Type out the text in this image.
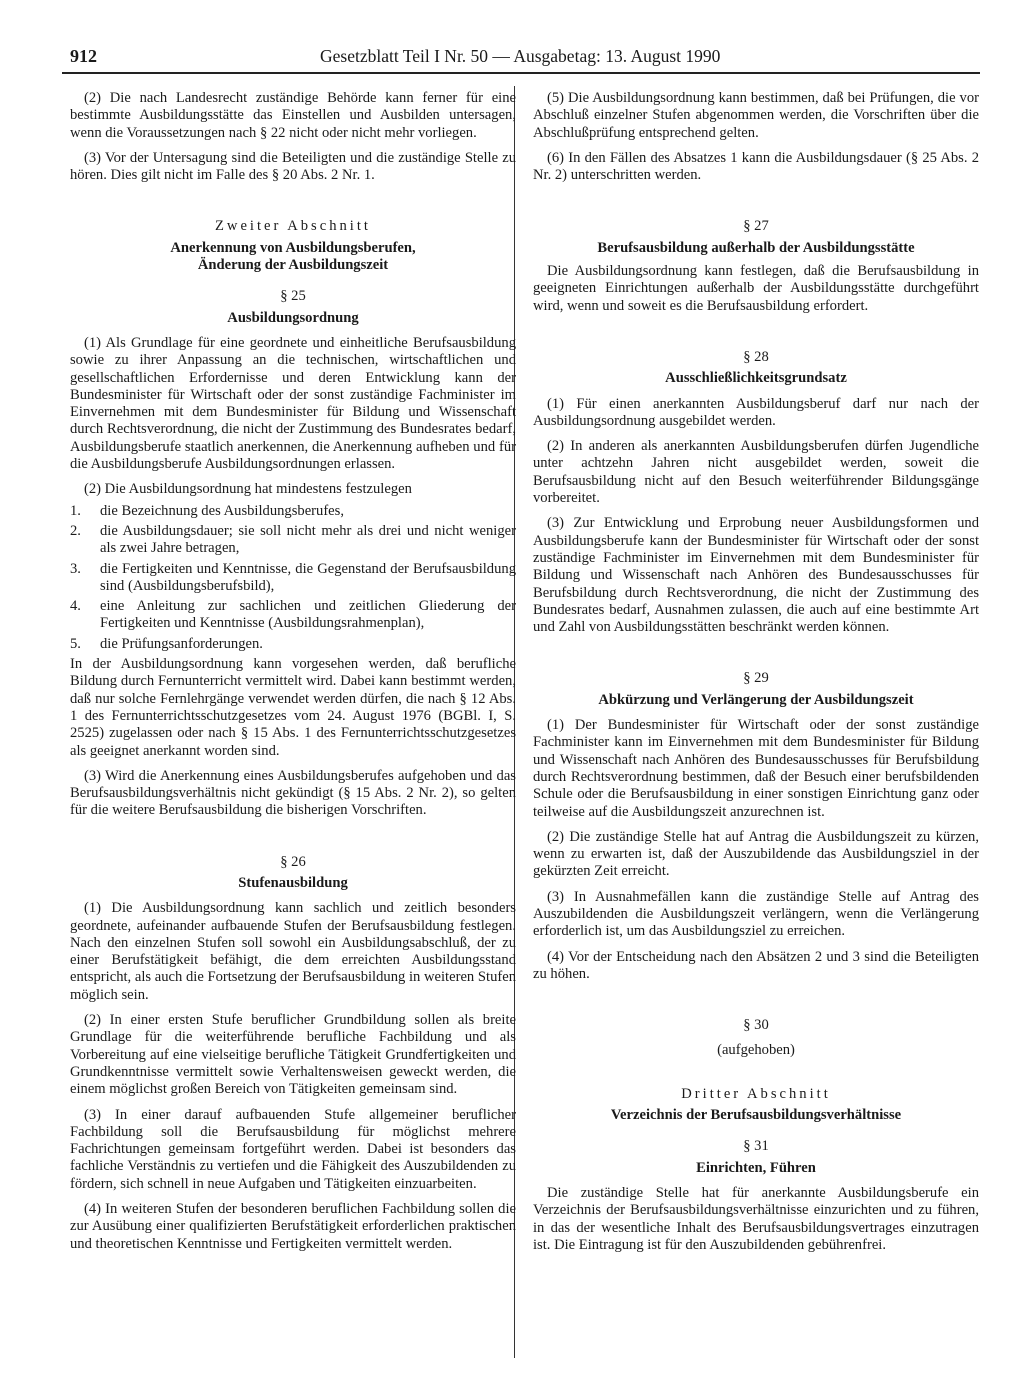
912	Gesetzblatt Teil I Nr. 50 — Ausgabetag: 13. August 1990

(2) Die nach Landesrecht zuständige Behörde kann ferner für eine bestimmte Ausbildungsstätte das Einstellen und Ausbilden untersagen, wenn die Voraussetzungen nach § 22 nicht oder nicht mehr vorliegen.

(3) Vor der Untersagung sind die Beteiligten und die zuständige Stelle zu hören. Dies gilt nicht im Falle des § 20 Abs. 2 Nr. 1.

Zweiter Abschnitt

Anerkennung von Ausbildungsberufen,

Änderung der Ausbildungszeit

§ 25

Ausbildungsordnung

(1) Als Grundlage für eine geordnete und einheitliche Berufsausbildung sowie zu ihrer Anpassung an die technischen, wirtschaftlichen und gesellschaftlichen Erfordernisse und deren Entwicklung kann der Bundesminister für Wirtschaft oder der sonst zuständige Fachminister im Einvernehmen mit dem Bundesminister für Bildung und Wissenschaft durch Rechtsverordnung, die nicht der Zustimmung des Bundesrates bedarf, Ausbildungsberufe staatlich anerkennen, die Anerkennung aufheben und für die Ausbildungsberufe Ausbildungsordnungen erlassen.

(2) Die Ausbildungsordnung hat mindestens festzulegen

1.	die Bezeichnung des Ausbildungsberufes,
2.	die Ausbildungsdauer; sie soll nicht mehr als drei und nicht weniger als zwei Jahre betragen,
3.	die Fertigkeiten und Kenntnisse, die Gegenstand der Berufsausbildung sind (Ausbildungsberufsbild),
4.	eine Anleitung zur sachlichen und zeitlichen Gliederung der Fertigkeiten und Kenntnisse (Ausbildungsrahmenplan),
5.	die Prüfungsanforderungen.

In der Ausbildungsordnung kann vorgesehen werden, daß berufliche Bildung durch Fernunterricht vermittelt wird. Dabei kann bestimmt werden, daß nur solche Fernlehrgänge verwendet werden dürfen, die nach § 12 Abs. 1 des Fernunterrichtsschutzgesetzes vom 24. August 1976 (BGBl. I, S. 2525) zugelassen oder nach § 15 Abs. 1 des Fernunterrichtsschutzgesetzes als geeignet anerkannt worden sind.

(3) Wird die Anerkennung eines Ausbildungsberufes aufgehoben und das Berufsausbildungsverhältnis nicht gekündigt (§ 15 Abs. 2 Nr. 2), so gelten für die weitere Berufsausbildung die bisherigen Vorschriften.

§ 26

Stufenausbildung

(1) Die Ausbildungsordnung kann sachlich und zeitlich besonders geordnete, aufeinander aufbauende Stufen der Berufsausbildung festlegen. Nach den einzelnen Stufen soll sowohl ein Ausbildungsabschluß, der zu einer Berufstätigkeit befähigt, die dem erreichten Ausbildungsstand entspricht, als auch die Fortsetzung der Berufsausbildung in weiteren Stufen möglich sein.

(2) In einer ersten Stufe beruflicher Grundbildung sollen als breite Grundlage für die weiterführende berufliche Fachbildung und als Vorbereitung auf eine vielseitige berufliche Tätigkeit Grundfertigkeiten und Grundkenntnisse vermittelt sowie Verhaltensweisen geweckt werden, die einem möglichst großen Bereich von Tätigkeiten gemeinsam sind.

(3) In einer darauf aufbauenden Stufe allgemeiner beruflicher Fachbildung soll die Berufsausbildung für möglichst mehrere Fachrichtungen gemeinsam fortgeführt werden. Dabei ist besonders das fachliche Verständnis zu vertiefen und die Fähigkeit des Auszubildenden zu fördern, sich schnell in neue Aufgaben und Tätigkeiten einzuarbeiten.

(4) In weiteren Stufen der besonderen beruflichen Fachbildung sollen die zur Ausübung einer qualifizierten Berufstätigkeit erforderlichen praktischen und theoretischen Kenntnisse und Fertigkeiten vermittelt werden.

(5) Die Ausbildungsordnung kann bestimmen, daß bei Prüfungen, die vor Abschluß einzelner Stufen abgenommen werden, die Vorschriften über die Abschlußprüfung entsprechend gelten.

(6) In den Fällen des Absatzes 1 kann die Ausbildungsdauer (§ 25 Abs. 2 Nr. 2) unterschritten werden.

§ 27

Berufsausbildung außerhalb der Ausbildungsstätte

Die Ausbildungsordnung kann festlegen, daß die Berufsausbildung in geeigneten Einrichtungen außerhalb der Ausbildungsstätte durchgeführt wird, wenn und soweit es die Berufsausbildung erfordert.

§ 28

Ausschließlichkeitsgrundsatz

(1) Für einen anerkannten Ausbildungsberuf darf nur nach der Ausbildungsordnung ausgebildet werden.

(2) In anderen als anerkannten Ausbildungsberufen dürfen Jugendliche unter achtzehn Jahren nicht ausgebildet werden, soweit die Berufsausbildung nicht auf den Besuch weiterführender Bildungsgänge vorbereitet.

(3) Zur Entwicklung und Erprobung neuer Ausbildungsformen und Ausbildungsberufe kann der Bundesminister für Wirtschaft oder der sonst zuständige Fachminister im Einvernehmen mit dem Bundesminister für Bildung und Wissenschaft nach Anhören des Bundesausschusses für Berufsbildung durch Rechtsverordnung, die nicht der Zustimmung des Bundesrates bedarf, Ausnahmen zulassen, die auch auf eine bestimmte Art und Zahl von Ausbildungsstätten beschränkt werden können.

§ 29

Abkürzung und Verlängerung der Ausbildungszeit

(1) Der Bundesminister für Wirtschaft oder der sonst zuständige Fachminister kann im Einvernehmen mit dem Bundesminister für Bildung und Wissenschaft nach Anhören des Bundesausschusses für Berufsbildung durch Rechtsverordnung bestimmen, daß der Besuch einer berufsbildenden Schule oder die Berufsausbildung in einer sonstigen Einrichtung ganz oder teilweise auf die Ausbildungszeit anzurechnen ist.

(2) Die zuständige Stelle hat auf Antrag die Ausbildungszeit zu kürzen, wenn zu erwarten ist, daß der Auszubildende das Ausbildungsziel in der gekürzten Zeit erreicht.

(3) In Ausnahmefällen kann die zuständige Stelle auf Antrag des Auszubildenden die Ausbildungszeit verlängern, wenn die Verlängerung erforderlich ist, um das Ausbildungsziel zu erreichen.

(4) Vor der Entscheidung nach den Absätzen 2 und 3 sind die Beteiligten zu höhen.

§ 30

(aufgehoben)

Dritter Abschnitt

Verzeichnis der Berufsausbildungsverhältnisse

§ 31

Einrichten, Führen

Die zuständige Stelle hat für anerkannte Ausbildungsberufe ein Verzeichnis der Berufsausbildungsverhältnisse einzurichten und zu führen, in das der wesentliche Inhalt des Berufsausbildungsvertrages einzutragen ist. Die Eintragung ist für den Auszubildenden gebührenfrei.
